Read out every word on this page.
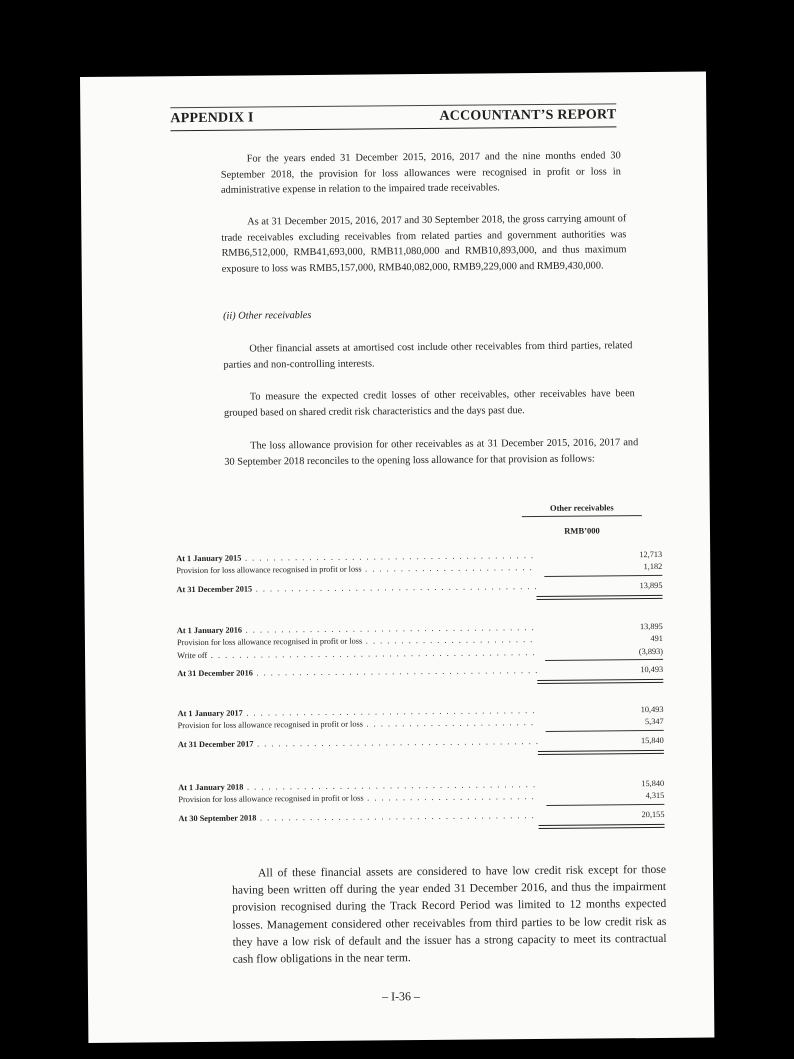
APPENDIX I	ACCOUNTANT’S REPORT
For the years ended 31 December 2015, 2016, 2017 and the nine months ended 30 September 2018, the provision for loss allowances were recognised in profit or loss in administrative expense in relation to the impaired trade receivables.
As at 31 December 2015, 2016, 2017 and 30 September 2018, the gross carrying amount of trade receivables excluding receivables from related parties and government authorities was RMB6,512,000, RMB41,693,000, RMB11,080,000 and RMB10,893,000, and thus maximum exposure to loss was RMB5,157,000, RMB40,082,000, RMB9,229,000 and RMB9,430,000.
(ii) Other receivables
Other financial assets at amortised cost include other receivables from third parties, related parties and non-controlling interests.
To measure the expected credit losses of other receivables, other receivables have been grouped based on shared credit risk characteristics and the days past due.
The loss allowance provision for other receivables as at 31 December 2015, 2016, 2017 and 30 September 2018 reconciles to the opening loss allowance for that provision as follows:
Other receivables
RMB’000
At 1 January 2015 . . .	12,713
Provision for loss allowance recognised in profit or loss . . .	1,182
At 31 December 2015 . . .	13,895
At 1 January 2016 . . .	13,895
Provision for loss allowance recognised in profit or loss . . .	491
Write off . . .	(3,893)
At 31 December 2016 . . .	10,493
At 1 January 2017 . . .	10,493
Provision for loss allowance recognised in profit or loss . . .	5,347
At 31 December 2017 . . .	15,840
At 1 January 2018 . . .	15,840
Provision for loss allowance recognised in profit or loss . . .	4,315
At 30 September 2018 . . .	20,155
All of these financial assets are considered to have low credit risk except for those having been written off during the year ended 31 December 2016, and thus the impairment provision recognised during the Track Record Period was limited to 12 months expected losses. Management considered other receivables from third parties to be low credit risk as they have a low risk of default and the issuer has a strong capacity to meet its contractual cash flow obligations in the near term.
– I-36 –
